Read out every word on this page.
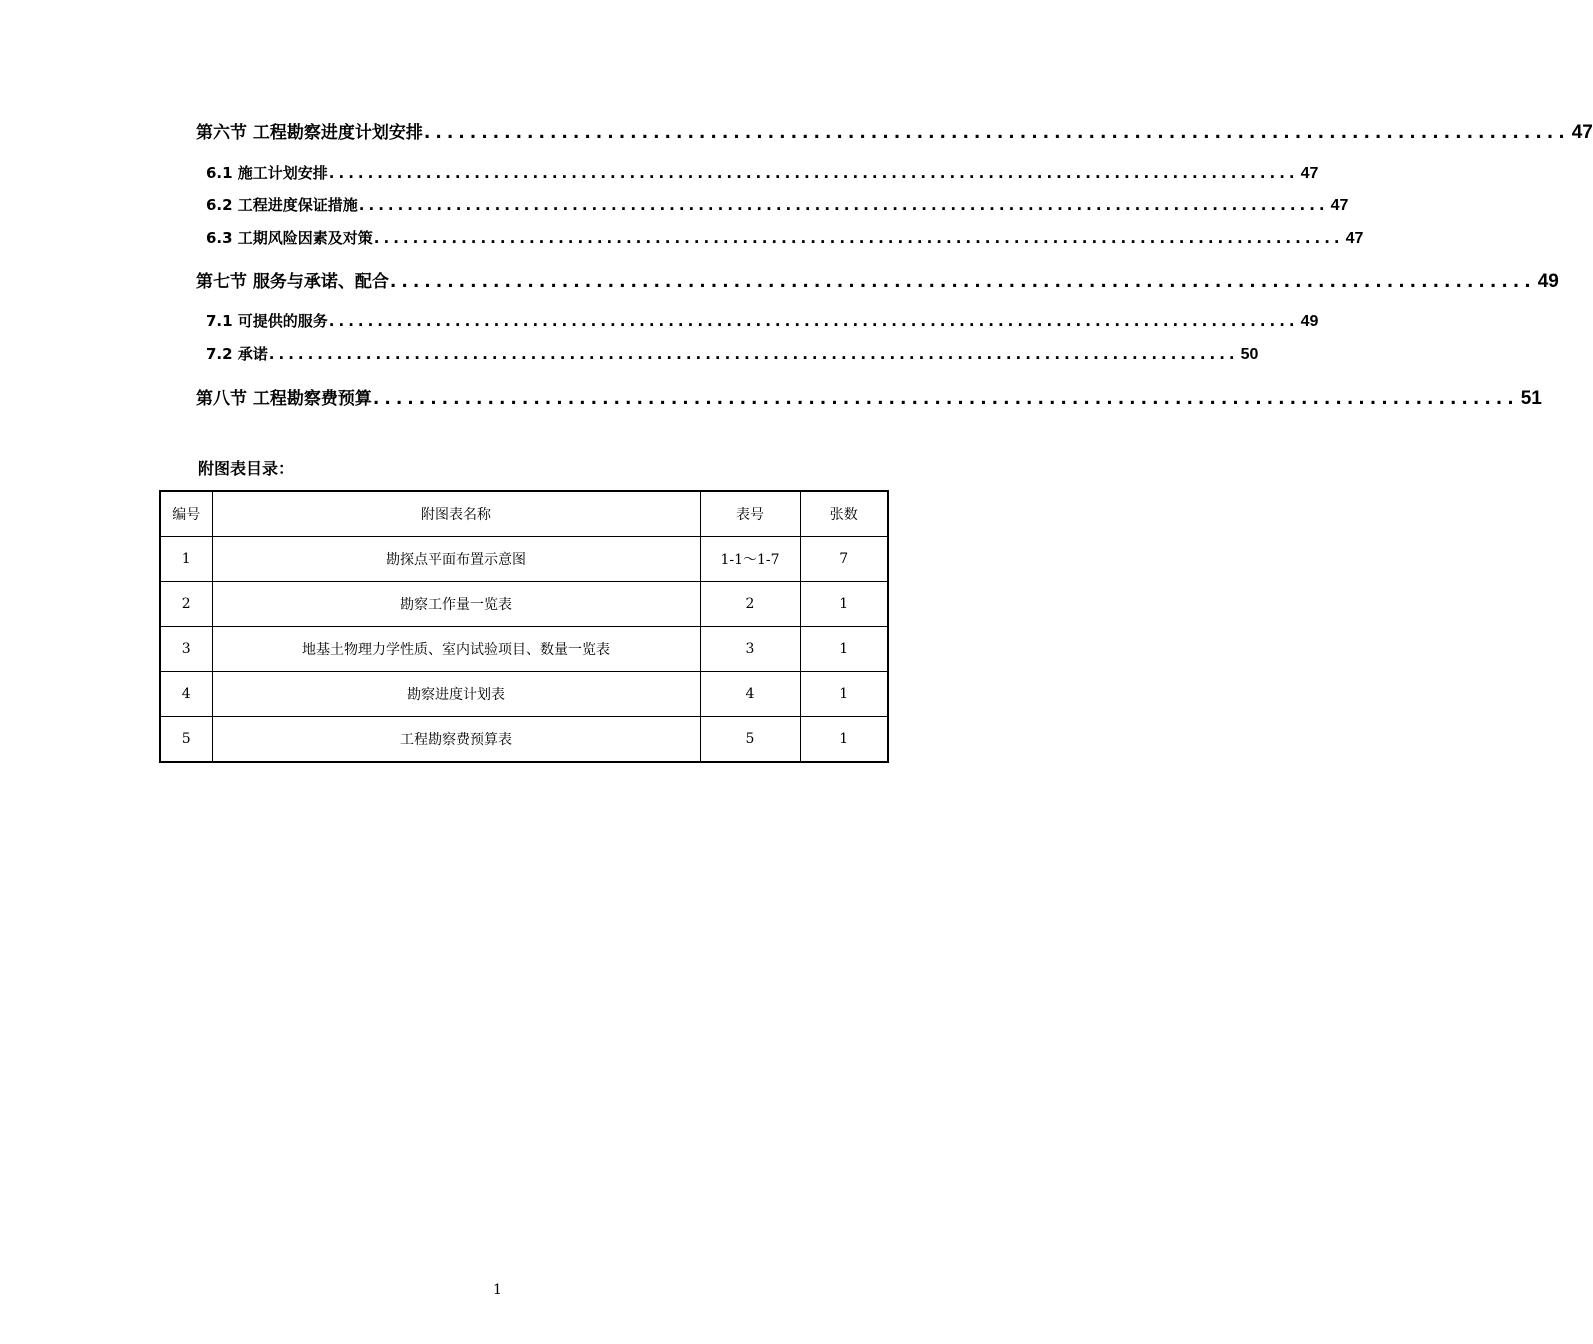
第六节 工程勘察进度计划安排 .................................................................................................... 47
6.1 施工计划安排 .................................................................................................... 47
6.2 工程进度保证措施 .................................................................................................... 47
6.3 工期风险因素及对策 .................................................................................................... 47
第七节 服务与承诺、配合 .................................................................................................... 49
7.1 可提供的服务 .................................................................................................... 49
7.2 承诺 .................................................................................................... 50
第八节 工程勘察费预算 .................................................................................................... 51
附图表目录：
编号	附图表名称	表号	张数
1	勘探点平面布置示意图	1-1～1-7	7
2	勘察工作量一览表	2	1
3	地基土物理力学性质、室内试验项目、数量一览表	3	1
4	勘察进度计划表	4	1
5	工程勘察费预算表	5	1
1
